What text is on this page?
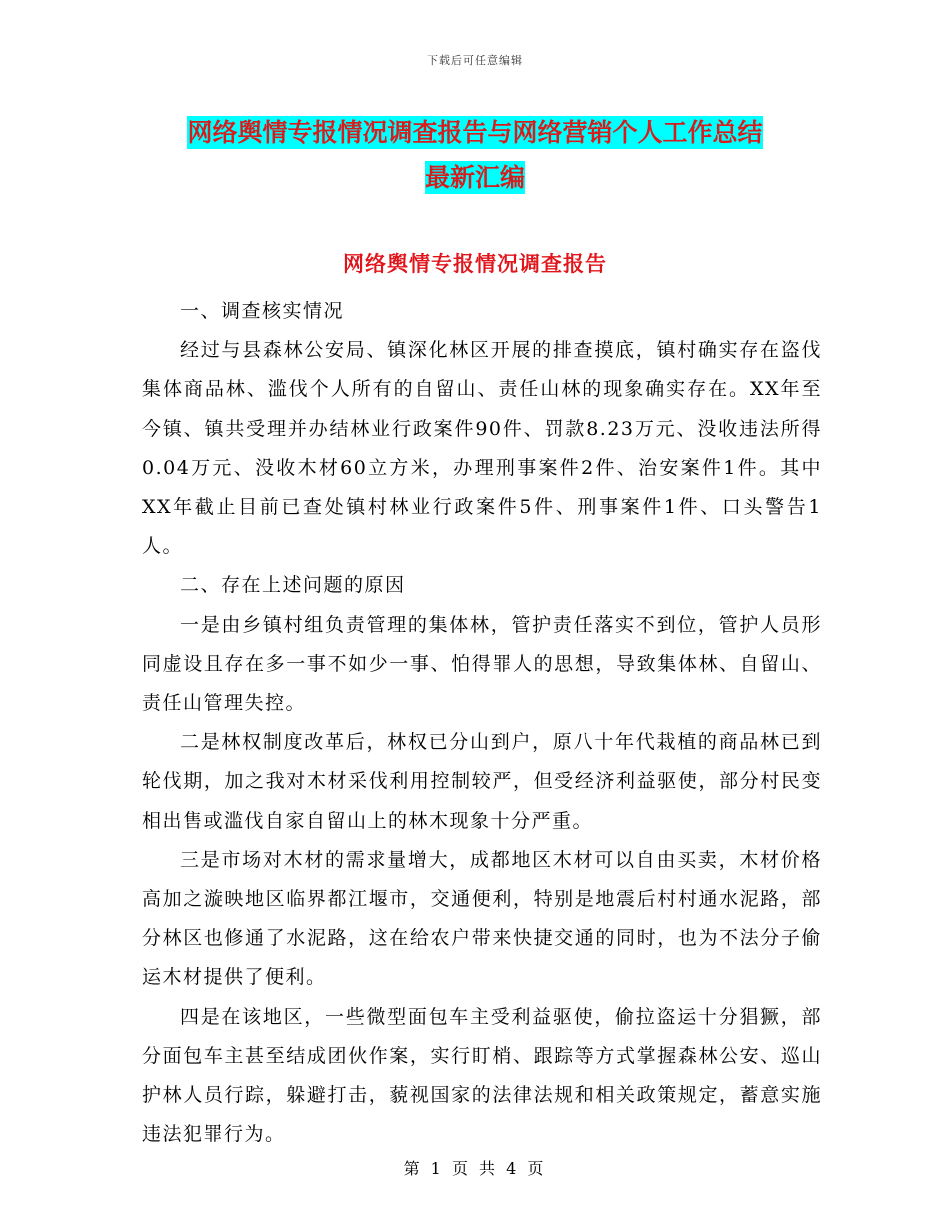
下载后可任意编辑
网络舆情专报情况调查报告与网络营销个人工作总结
最新汇编
网络舆情专报情况调查报告

一、调查核实情况

经过与县森林公安局、镇深化林区开展的排查摸底，镇村确实存在盗伐集体商品林、滥伐个人所有的自留山、责任山林的现象确实存在。XX年至今镇、镇共受理并办结林业行政案件90件、罚款8.23万元、没收违法所得0.04万元、没收木材60立方米，办理刑事案件2件、治安案件1件。其中XX年截止目前已查处镇村林业行政案件5件、刑事案件1件、口头警告1人。

二、存在上述问题的原因

一是由乡镇村组负责管理的集体林，管护责任落实不到位，管护人员形同虚设且存在多一事不如少一事、怕得罪人的思想，导致集体林、自留山、责任山管理失控。

二是林权制度改革后，林权已分山到户，原八十年代栽植的商品林已到轮伐期，加之我对木材采伐利用控制较严，但受经济利益驱使，部分村民变相出售或滥伐自家自留山上的林木现象十分严重。

三是市场对木材的需求量增大，成都地区木材可以自由买卖，木材价格高加之漩映地区临界都江堰市，交通便利，特别是地震后村村通水泥路，部分林区也修通了水泥路，这在给农户带来快捷交通的同时，也为不法分子偷运木材提供了便利。

四是在该地区，一些微型面包车主受利益驱使，偷拉盗运十分猖獗，部分面包车主甚至结成团伙作案，实行盯梢、跟踪等方式掌握森林公安、巡山护林人员行踪，躲避打击，藐视国家的法律法规和相关政策规定，蓄意实施违法犯罪行为。

第 1 页 共 4 页
